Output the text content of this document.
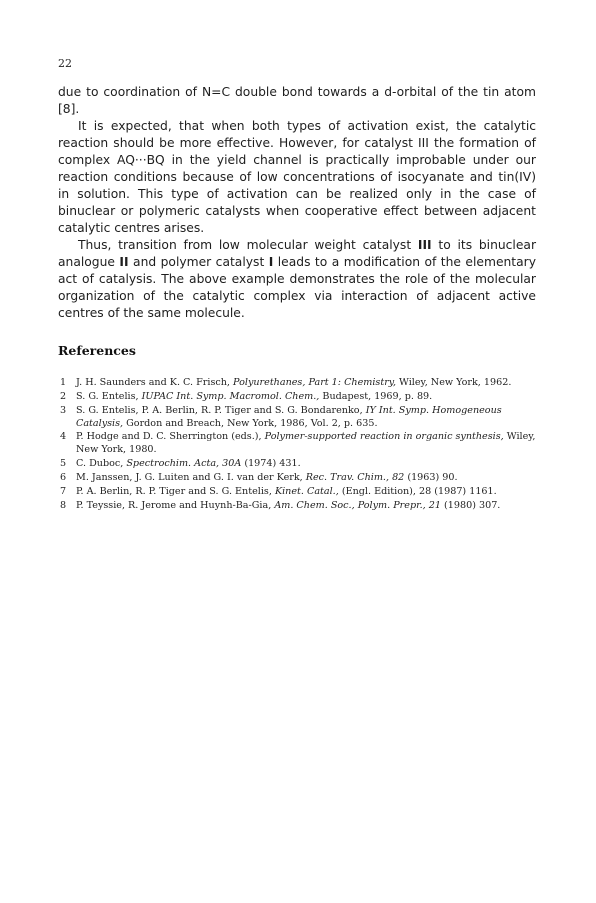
22

due to coordination of N=C double bond towards a d-orbital of the tin atom [8].

It is expected, that when both types of activation exist, the catalytic reaction should be more effective. However, for catalyst III the formation of complex AQ···BQ in the yield channel is practically improbable under our reaction conditions because of low concentrations of isocyanate and tin(IV) in solution. This type of activation can be realized only in the case of binuclear or polymeric catalysts when cooperative effect between adjacent catalytic centres arises.

Thus, transition from low molecular weight catalyst III to its binuclear analogue II and polymer catalyst I leads to a modification of the elementary act of catalysis. The above example demonstrates the role of the molecular organization of the catalytic complex via interaction of adjacent active centres of the same molecule.

References
1 J. H. Saunders and K. C. Frisch, Polyurethanes, Part 1: Chemistry, Wiley, New York, 1962.
2 S. G. Entelis, IUPAC Int. Symp. Macromol. Chem., Budapest, 1969, p. 89.
3 S. G. Entelis, P. A. Berlin, R. P. Tiger and S. G. Bondarenko, IY Int. Symp. Homogeneous Catalysis, Gordon and Breach, New York, 1986, Vol. 2, p. 635.
4 P. Hodge and D. C. Sherrington (eds.), Polymer-supported reaction in organic synthesis, Wiley, New York, 1980.
5 C. Duboc, Spectrochim. Acta, 30A (1974) 431.
6 M. Janssen, J. G. Luiten and G. I. van der Kerk, Rec. Trav. Chim., 82 (1963) 90.
7 P. A. Berlin, R. P. Tiger and S. G. Entelis, Kinet. Catal., (Engl. Edition), 28 (1987) 1161.
8 P. Teyssie, R. Jerome and Huynh-Ba-Gia, Am. Chem. Soc., Polym. Prepr., 21 (1980) 307.
